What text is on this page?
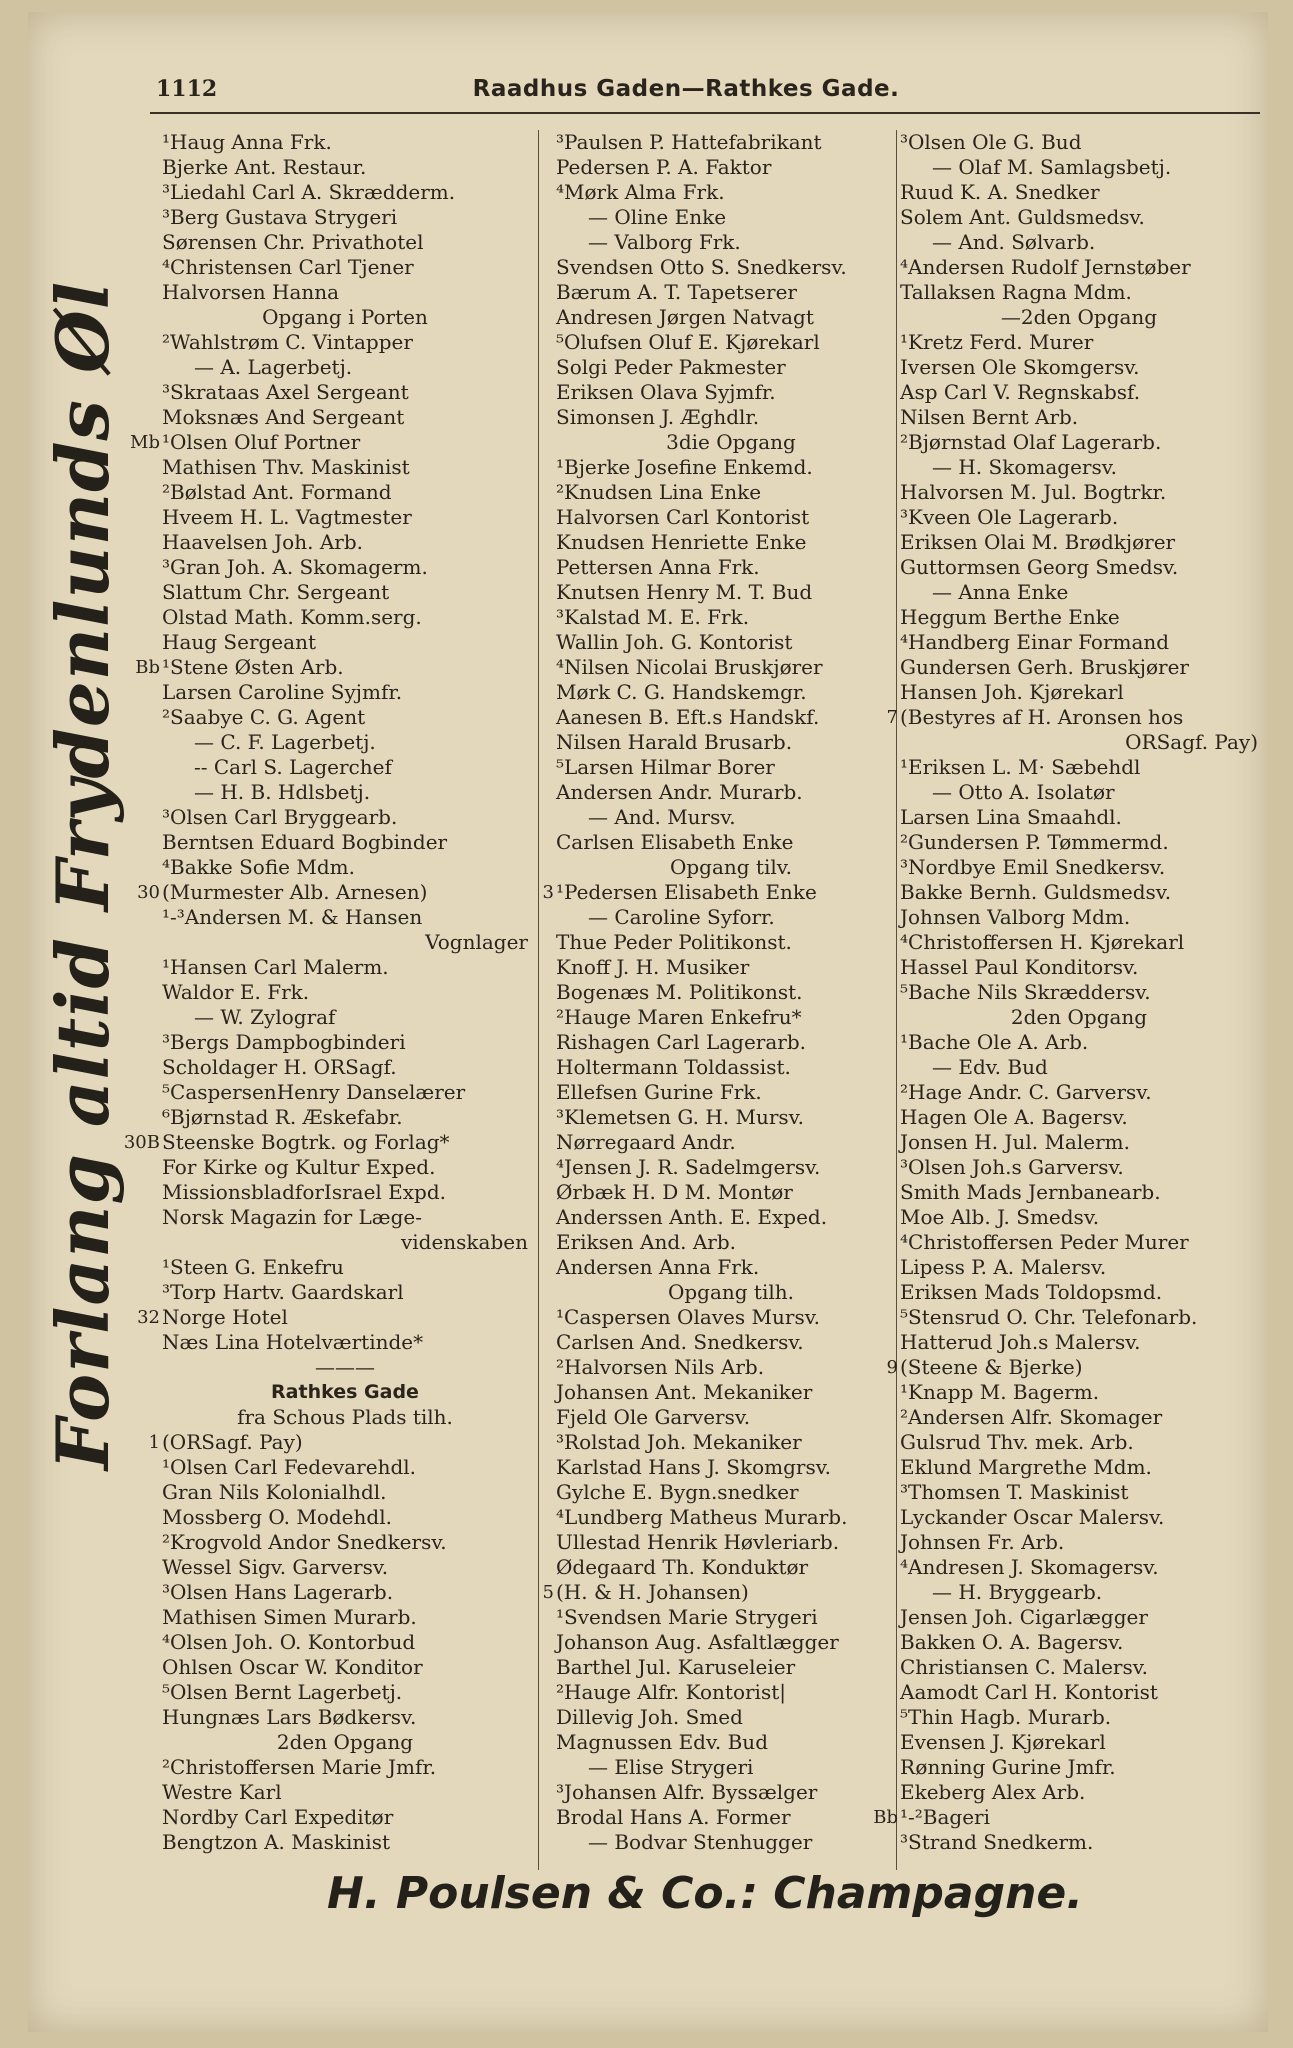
1112	Raadhus Gaden—Rathkes Gade.
Forlang altid Frydenlunds Øl
¹Haug Anna Frk.
Bjerke Ant. Restaur.
³Liedahl Carl A. Skrædderm.
³Berg Gustava Strygeri
Sørensen Chr. Privathotel
⁴Christensen Carl Tjener
Halvorsen Hanna
Opgang i Porten
²Wahlstrøm C. Vintapper
— A. Lagerbetj.
³Skrataas Axel Sergeant
Moksnæs And Sergeant
Mb ¹Olsen Oluf Portner
Mathisen Thv. Maskinist
²Bølstad Ant. Formand
Hveem H. L. Vagtmester
Haavelsen Joh. Arb.
³Gran Joh. A. Skomagerm.
Slattum Chr. Sergeant
Olstad Math. Komm.serg.
Haug Sergeant
Bb ¹Stene Østen Arb.
Larsen Caroline Syjmfr.
²Saabye C. G. Agent
— C. F. Lagerbetj.
-- Carl S. Lagerchef
— H. B. Hdlsbetj.
³Olsen Carl Bryggearb.
Berntsen Eduard Bogbinder
⁴Bakke Sofie Mdm.
30 (Murmester Alb. Arnesen)
¹-³Andersen M. & Hansen
Vognlager
¹Hansen Carl Malerm.
Waldor E. Frk.
— W. Zylograf
³Bergs Dampbogbinderi
Scholdager H. ORSagf.
⁵CaspersenHenry Danselærer
⁶Bjørnstad R. Æskefabr.
30B Steenske Bogtrk. og Forlag*
For Kirke og Kultur Exped.
MissionsbladforIsrael Expd.
Norsk Magazin for Læge-
videnskaben
¹Steen G. Enkefru
³Torp Hartv. Gaardskarl
32 Norge Hotel
Næs Lina Hotelværtinde*
———
Rathkes Gade
fra Schous Plads tilh.
1 (ORSagf. Pay)
¹Olsen Carl Fedevarehdl.
Gran Nils Kolonialhdl.
Mossberg O. Modehdl.
²Krogvold Andor Snedkersv.
Wessel Sigv. Garversv.
³Olsen Hans Lagerarb.
Mathisen Simen Murarb.
⁴Olsen Joh. O. Kontorbud
Ohlsen Oscar W. Konditor
⁵Olsen Bernt Lagerbetj.
Hungnæs Lars Bødkersv.
2den Opgang
²Christoffersen Marie Jmfr.
Westre Karl
Nordby Carl Expeditør
Bengtzon A. Maskinist
³Paulsen P. Hattefabrikant
Pedersen P. A. Faktor
⁴Mørk Alma Frk.
— Oline Enke
— Valborg Frk.
Svendsen Otto S. Snedkersv.
Bærum A. T. Tapetserer
Andresen Jørgen Natvagt
⁵Olufsen Oluf E. Kjørekarl
Solgi Peder Pakmester
Eriksen Olava Syjmfr.
Simonsen J. Æghdlr.
3die Opgang
¹Bjerke Josefine Enkemd.
²Knudsen Lina Enke
Halvorsen Carl Kontorist
Knudsen Henriette Enke
Pettersen Anna Frk.
Knutsen Henry M. T. Bud
³Kalstad M. E. Frk.
Wallin Joh. G. Kontorist
⁴Nilsen Nicolai Bruskjører
Mørk C. G. Handskemgr.
Aanesen B. Eft.s Handskf.
Nilsen Harald Brusarb.
⁵Larsen Hilmar Borer
Andersen Andr. Murarb.
— And. Mursv.
Carlsen Elisabeth Enke
Opgang tilv.
3 ¹Pedersen Elisabeth Enke
— Caroline Syforr.
Thue Peder Politikonst.
Knoff J. H. Musiker
Bogenæs M. Politikonst.
²Hauge Maren Enkefru*
Rishagen Carl Lagerarb.
Holtermann Toldassist.
Ellefsen Gurine Frk.
³Klemetsen G. H. Mursv.
Nørregaard Andr.
⁴Jensen J. R. Sadelmgersv.
Ørbæk H. D M. Montør
Anderssen Anth. E. Exped.
Eriksen And. Arb.
Andersen Anna Frk.
Opgang tilh.
¹Caspersen Olaves Mursv.
Carlsen And. Snedkersv.
²Halvorsen Nils Arb.
Johansen Ant. Mekaniker
Fjeld Ole Garversv.
³Rolstad Joh. Mekaniker
Karlstad Hans J. Skomgrsv.
Gylche E. Bygn.snedker
⁴Lundberg Matheus Murarb.
Ullestad Henrik Høvleriarb.
Ødegaard Th. Konduktør
5 (H. & H. Johansen)
¹Svendsen Marie Strygeri
Johanson Aug. Asfaltlægger
Barthel Jul. Karuseleier
²Hauge Alfr. Kontorist|
Dillevig Joh. Smed
Magnussen Edv. Bud
— Elise Strygeri
³Johansen Alfr. Byssælger
Brodal Hans A. Former
— Bodvar Stenhugger
³Olsen Ole G. Bud
— Olaf M. Samlagsbetj.
Ruud K. A. Snedker
Solem Ant. Guldsmedsv.
— And. Sølvarb.
⁴Andersen Rudolf Jernstøber
Tallaksen Ragna Mdm.
—2den Opgang
¹Kretz Ferd. Murer
Iversen Ole Skomgersv.
Asp Carl V. Regnskabsf.
Nilsen Bernt Arb.
²Bjørnstad Olaf Lagerarb.
— H. Skomagersv.
Halvorsen M. Jul. Bogtrkr.
³Kveen Ole Lagerarb.
Eriksen Olai M. Brødkjører
Guttormsen Georg Smedsv.
— Anna Enke
Heggum Berthe Enke
⁴Handberg Einar Formand
Gundersen Gerh. Bruskjører
Hansen Joh. Kjørekarl
7 (Bestyres af H. Aronsen hos
ORSagf. Pay)
¹Eriksen L. M· Sæbehdl
— Otto A. Isolatør
Larsen Lina Smaahdl.
²Gundersen P. Tømmermd.
³Nordbye Emil Snedkersv.
Bakke Bernh. Guldsmedsv.
Johnsen Valborg Mdm.
⁴Christoffersen H. Kjørekarl
Hassel Paul Konditorsv.
⁵Bache Nils Skræddersv.
2den Opgang
¹Bache Ole A. Arb.
— Edv. Bud
²Hage Andr. C. Garversv.
Hagen Ole A. Bagersv.
Jonsen H. Jul. Malerm.
³Olsen Joh.s Garversv.
Smith Mads Jernbanearb.
Moe Alb. J. Smedsv.
⁴Christoffersen Peder Murer
Lipess P. A. Malersv.
Eriksen Mads Toldopsmd.
⁵Stensrud O. Chr. Telefonarb.
Hatterud Joh.s Malersv.
9 (Steene & Bjerke)
¹Knapp M. Bagerm.
²Andersen Alfr. Skomager
Gulsrud Thv. mek. Arb.
Eklund Margrethe Mdm.
³Thomsen T. Maskinist
Lyckander Oscar Malersv.
Johnsen Fr. Arb.
⁴Andresen J. Skomagersv.
— H. Bryggearb.
Jensen Joh. Cigarlægger
Bakken O. A. Bagersv.
Christiansen C. Malersv.
Aamodt Carl H. Kontorist
⁵Thin Hagb. Murarb.
Evensen J. Kjørekarl
Rønning Gurine Jmfr.
Ekeberg Alex Arb.
Bb ¹-²Bageri
³Strand Snedkerm.
H. Poulsen & Co.: Champagne.
